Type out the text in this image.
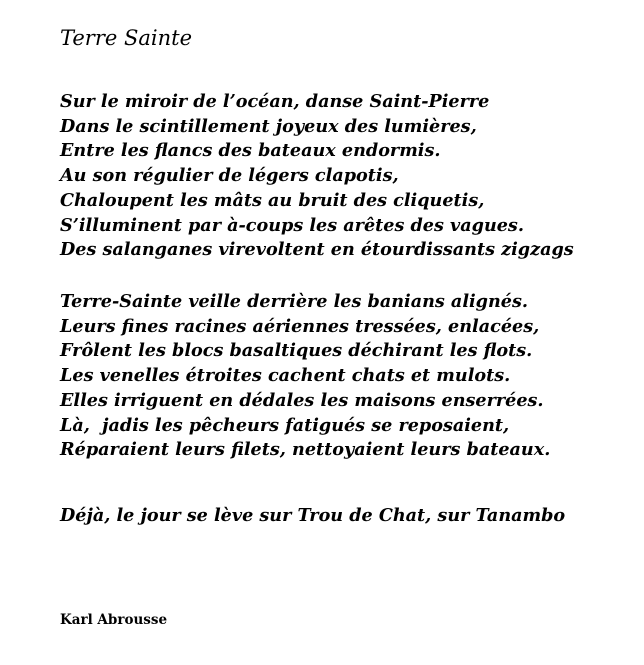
Terre Sainte
Sur le miroir de l’océan, danse Saint-Pierre
Dans le scintillement joyeux des lumières,
Entre les flancs des bateaux endormis.
Au son régulier de légers clapotis,
Chaloupent les mâts au bruit des cliquetis,
S’illuminent par à-coups les arêtes des vagues.
Des salanganes virevoltent en étourdissants zigzags
Terre-Sainte veille derrière les banians alignés.
Leurs fines racines aériennes tressées, enlacées,
Frôlent les blocs basaltiques déchirant les flots.
Les venelles étroites cachent chats et mulots.
Elles irriguent en dédales les maisons enserrées.
Là,  jadis les pêcheurs fatigués se reposaient,
Réparaient leurs filets, nettoyaient leurs bateaux.
Déjà, le jour se lève sur Trou de Chat, sur Tanambo
Karl Abrousse
